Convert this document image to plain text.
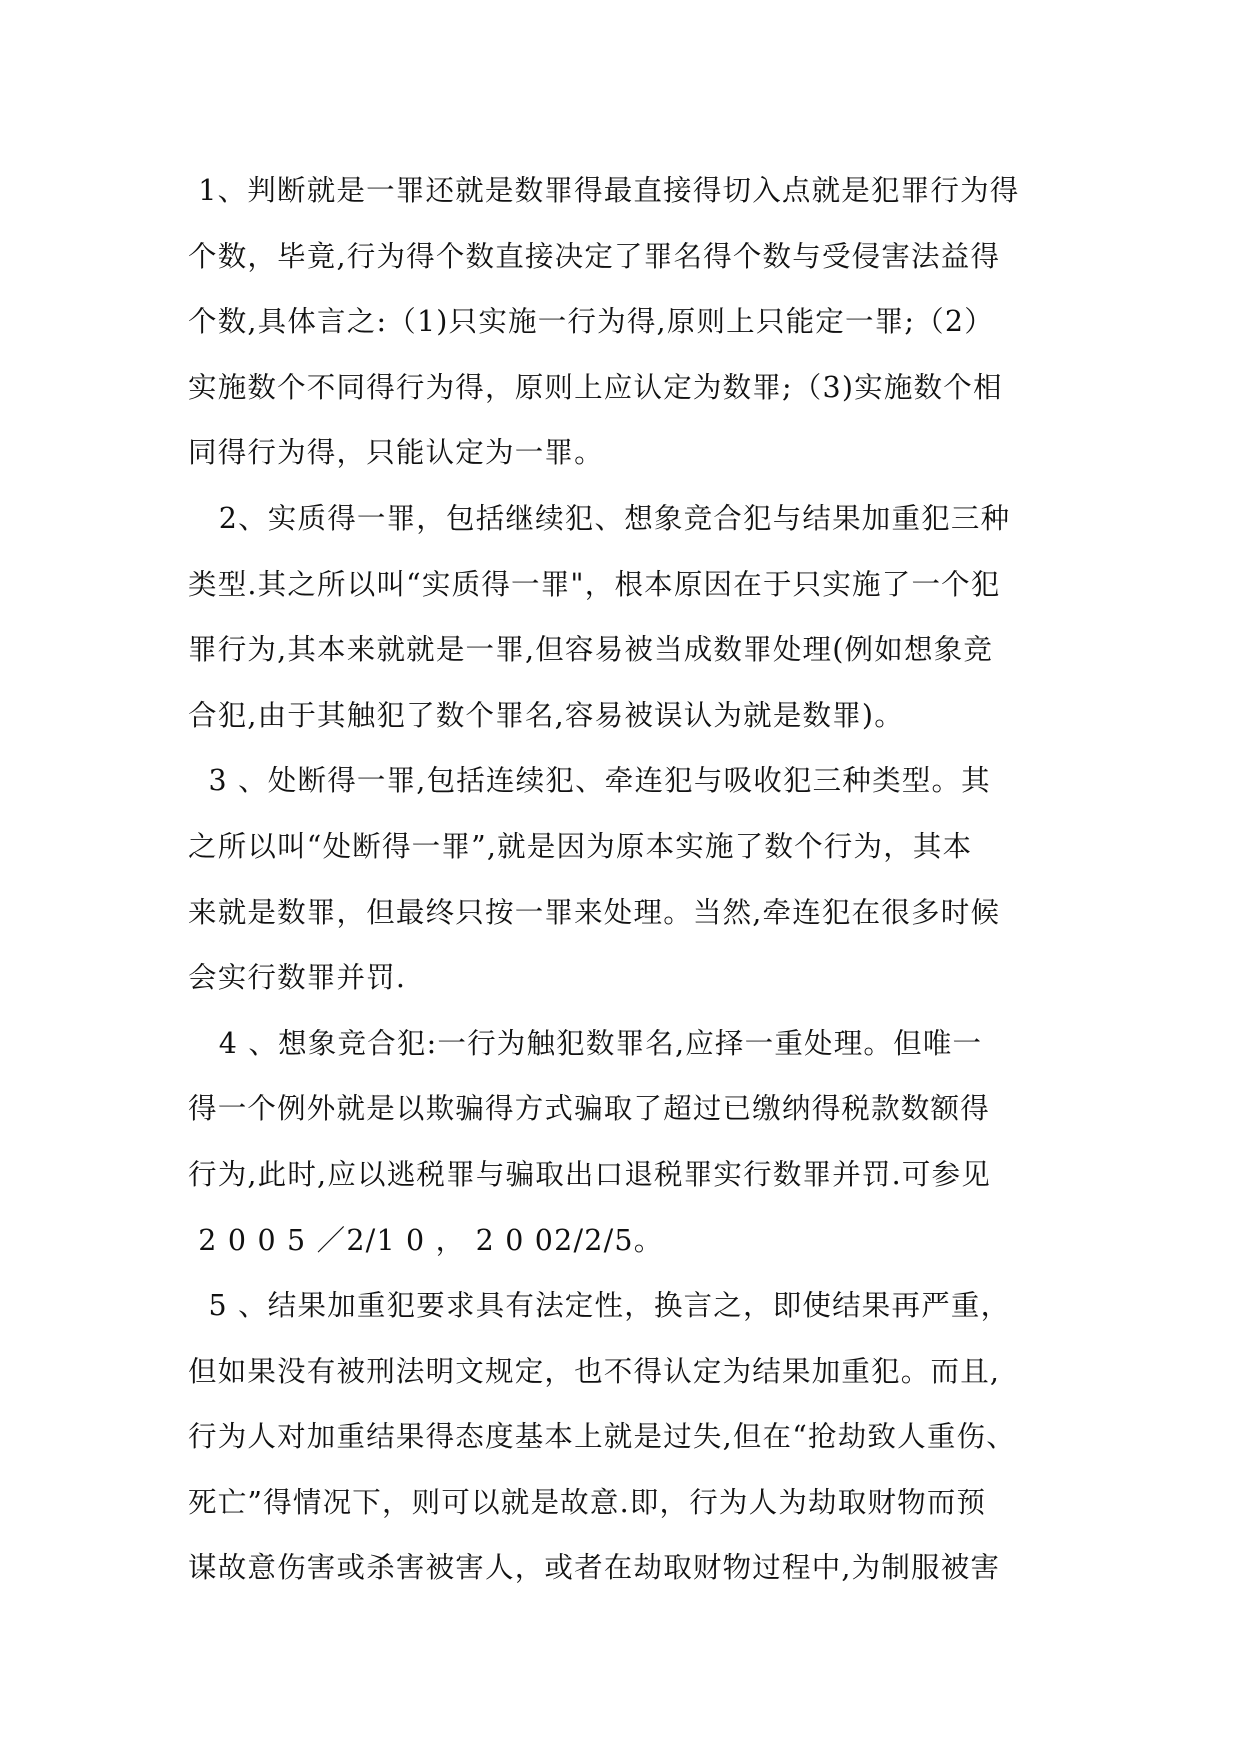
1、判断就是一罪还就是数罪得最直接得切入点就是犯罪行为得
个数，毕竟,行为得个数直接决定了罪名得个数与受侵害法益得
个数,具体言之:（1)只实施一行为得,原则上只能定一罪;（2）
实施数个不同得行为得，原则上应认定为数罪;（3)实施数个相
同得行为得，只能认定为一罪。
2、实质得一罪，包括继续犯、想象竞合犯与结果加重犯三种
类型.其之所以叫“实质得一罪"，根本原因在于只实施了一个犯
罪行为,其本来就就是一罪,但容易被当成数罪处理(例如想象竞
合犯,由于其触犯了数个罪名,容易被误认为就是数罪)。
3 、处断得一罪,包括连续犯、牵连犯与吸收犯三种类型。其
之所以叫“处断得一罪”,就是因为原本实施了数个行为，其本
来就是数罪，但最终只按一罪来处理。当然,牵连犯在很多时候
会实行数罪并罚.
4 、想象竞合犯:一行为触犯数罪名,应择一重处理。但唯一
得一个例外就是以欺骗得方式骗取了超过已缴纳得税款数额得
行为,此时,应以逃税罪与骗取出口退税罪实行数罪并罚.可参见
2 0 0 5 ／2/1 0 ， 2 0 02/2/5。
5 、结果加重犯要求具有法定性，换言之，即使结果再严重，
但如果没有被刑法明文规定，也不得认定为结果加重犯。而且,
行为人对加重结果得态度基本上就是过失,但在“抢劫致人重伤、
死亡”得情况下，则可以就是故意.即，行为人为劫取财物而预
谋故意伤害或杀害被害人，或者在劫取财物过程中,为制服被害
